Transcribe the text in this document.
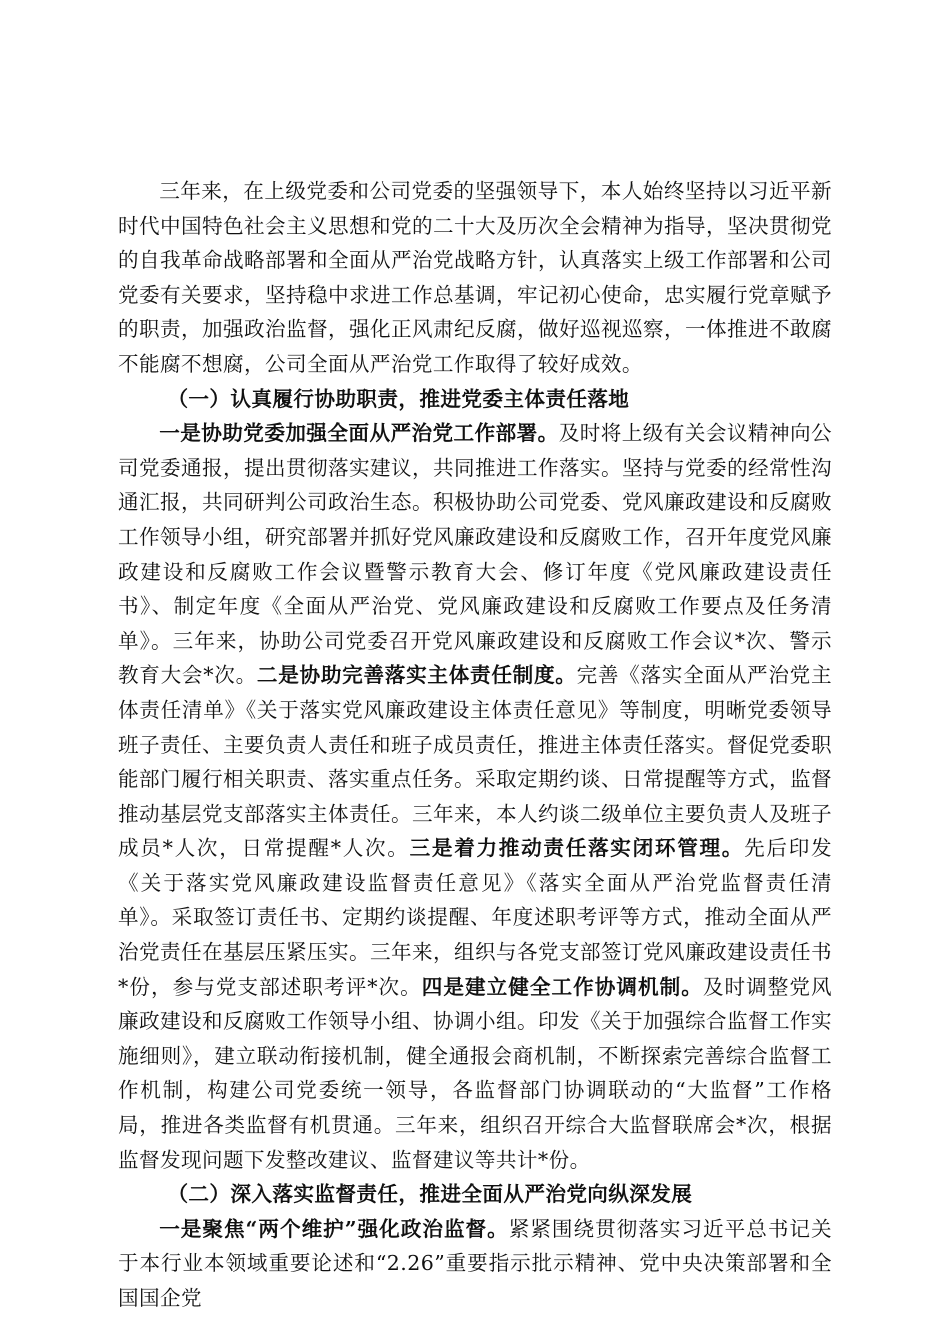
三年来，在上级党委和公司党委的坚强领导下，本人始终坚持以习近平新时代中国特色社会主义思想和党的二十大及历次全会精神为指导，坚决贯彻党的自我革命战略部署和全面从严治党战略方针，认真落实上级工作部署和公司党委有关要求，坚持稳中求进工作总基调，牢记初心使命，忠实履行党章赋予的职责，加强政治监督，强化正风肃纪反腐，做好巡视巡察，一体推进不敢腐不能腐不想腐，公司全面从严治党工作取得了较好成效。

（一）认真履行协助职责，推进党委主体责任落地

一是协助党委加强全面从严治党工作部署。及时将上级有关会议精神向公司党委通报，提出贯彻落实建议，共同推进工作落实。坚持与党委的经常性沟通汇报，共同研判公司政治生态。积极协助公司党委、党风廉政建设和反腐败工作领导小组，研究部署并抓好党风廉政建设和反腐败工作，召开年度党风廉政建设和反腐败工作会议暨警示教育大会、修订年度《党风廉政建设责任书》、制定年度《全面从严治党、党风廉政建设和反腐败工作要点及任务清单》。三年来，协助公司党委召开党风廉政建设和反腐败工作会议*次、警示教育大会*次。二是协助完善落实主体责任制度。完善《落实全面从严治党主体责任清单》《关于落实党风廉政建设主体责任意见》等制度，明晰党委领导班子责任、主要负责人责任和班子成员责任，推进主体责任落实。督促党委职能部门履行相关职责、落实重点任务。采取定期约谈、日常提醒等方式，监督推动基层党支部落实主体责任。三年来，本人约谈二级单位主要负责人及班子成员*人次，日常提醒*人次。三是着力推动责任落实闭环管理。先后印发《关于落实党风廉政建设监督责任意见》《落实全面从严治党监督责任清单》。采取签订责任书、定期约谈提醒、年度述职考评等方式，推动全面从严治党责任在基层压紧压实。三年来，组织与各党支部签订党风廉政建设责任书*份，参与党支部述职考评*次。四是建立健全工作协调机制。及时调整党风廉政建设和反腐败工作领导小组、协调小组。印发《关于加强综合监督工作实施细则》，建立联动衔接机制，健全通报会商机制，不断探索完善综合监督工作机制，构建公司党委统一领导，各监督部门协调联动的“大监督”工作格局，推进各类监督有机贯通。三年来，组织召开综合大监督联席会*次，根据监督发现问题下发整改建议、监督建议等共计*份。

（二）深入落实监督责任，推进全面从严治党向纵深发展

一是聚焦“两个维护”强化政治监督。紧紧围绕贯彻落实习近平总书记关于本行业本领域重要论述和“2.26”重要指示批示精神、党中央决策部署和全国国企党
